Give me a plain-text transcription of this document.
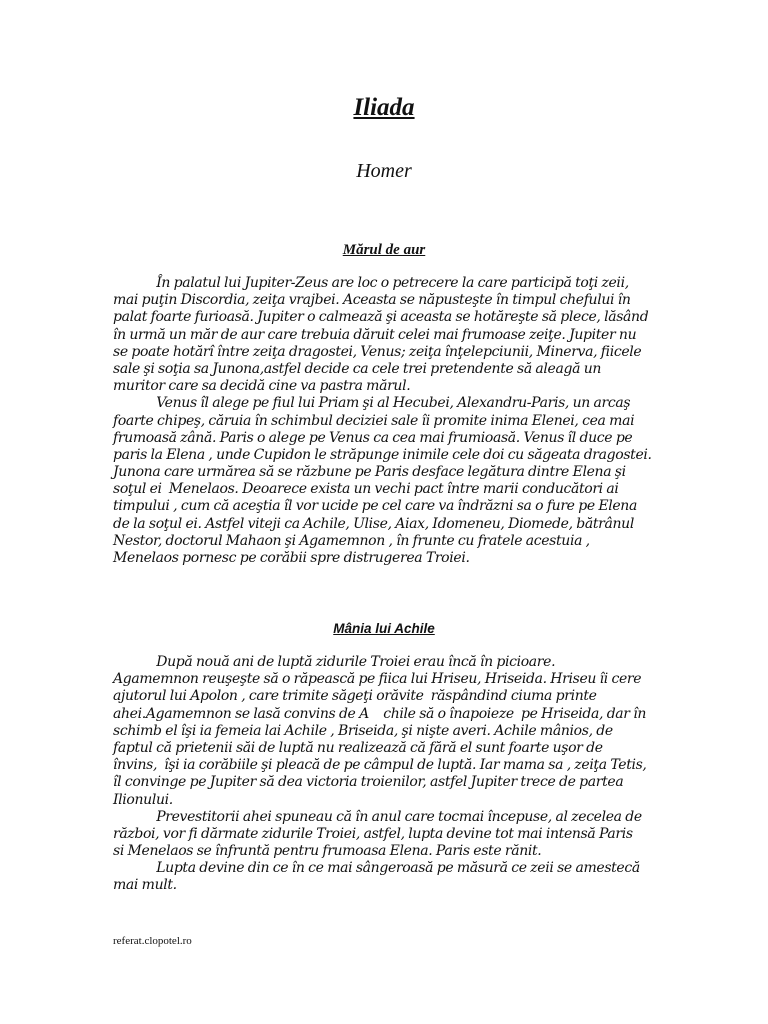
Iliada
Homer
Mărul de aur
În palatul lui Jupiter-Zeus are loc o petrecere la care participă toţi zeii,
mai puţin Discordia, zeiţa vrajbei. Aceasta se năpusteşte în timpul chefului în
palat foarte furioasă. Jupiter o calmează şi aceasta se hotăreşte să plece, lăsând
în urmă un măr de aur care trebuia dăruit celei mai frumoase zeiţe. Jupiter nu
se poate hotărî între zeiţa dragostei, Venus; zeiţa înţelepciunii, Minerva, fiicele
sale şi soţia sa Junona,astfel decide ca cele trei pretendente să aleagă un
muritor care sa decidă cine va pastra mărul.
Venus îl alege pe fiul lui Priam şi al Hecubei, Alexandru-Paris, un arcaş
foarte chipeş, căruia în schimbul deciziei sale îi promite inima Elenei, cea mai
frumoasă zână. Paris o alege pe Venus ca cea mai frumioasă. Venus îl duce pe
paris la Elena , unde Cupidon le străpunge inimile cele doi cu săgeata dragostei.
Junona care urmărea să se răzbune pe Paris desface legătura dintre Elena şi
soţul ei  Menelaos. Deoarece exista un vechi pact între marii conducători ai
timpului , cum că aceştia îl vor ucide pe cel care va îndrăzni sa o fure pe Elena
de la soţul ei. Astfel viteji ca Achile, Ulise, Aiax, Idomeneu, Diomede, bătrânul
Nestor, doctorul Mahaon şi Agamemnon , în frunte cu fratele acestuia ,
Menelaos pornesc pe corăbii spre distrugerea Troiei.
Mânia lui Achile
După nouă ani de luptă zidurile Troiei erau încă în picioare.
Agamemnon reuşeşte să o răpească pe fiica lui Hriseu, Hriseida. Hriseu îi cere
ajutorul lui Apolon , care trimite săgeţi orăvite  răspândind ciuma printe
ahei.Agamemnon se lasă convins de A    chile să o înapoieze  pe Hriseida, dar în
schimb el îşi ia femeia lai Achile , Briseida, şi nişte averi. Achile mânios, de
faptul că prietenii săi de luptă nu realizează că fără el sunt foarte uşor de
învins,  îşi ia corăbiile şi pleacă de pe câmpul de luptă. Iar mama sa , zeiţa Tetis,
îl convinge pe Jupiter să dea victoria troienilor, astfel Jupiter trece de partea
Ilionului.
Prevestitorii ahei spuneau că în anul care tocmai începuse, al zecelea de
război, vor fi dărmate zidurile Troiei, astfel, lupta devine tot mai intensă Paris
si Menelaos se înfruntă pentru frumoasa Elena. Paris este rănit.
Lupta devine din ce în ce mai sângeroasă pe măsură ce zeii se amestecă
mai mult.
referat.clopotel.ro
